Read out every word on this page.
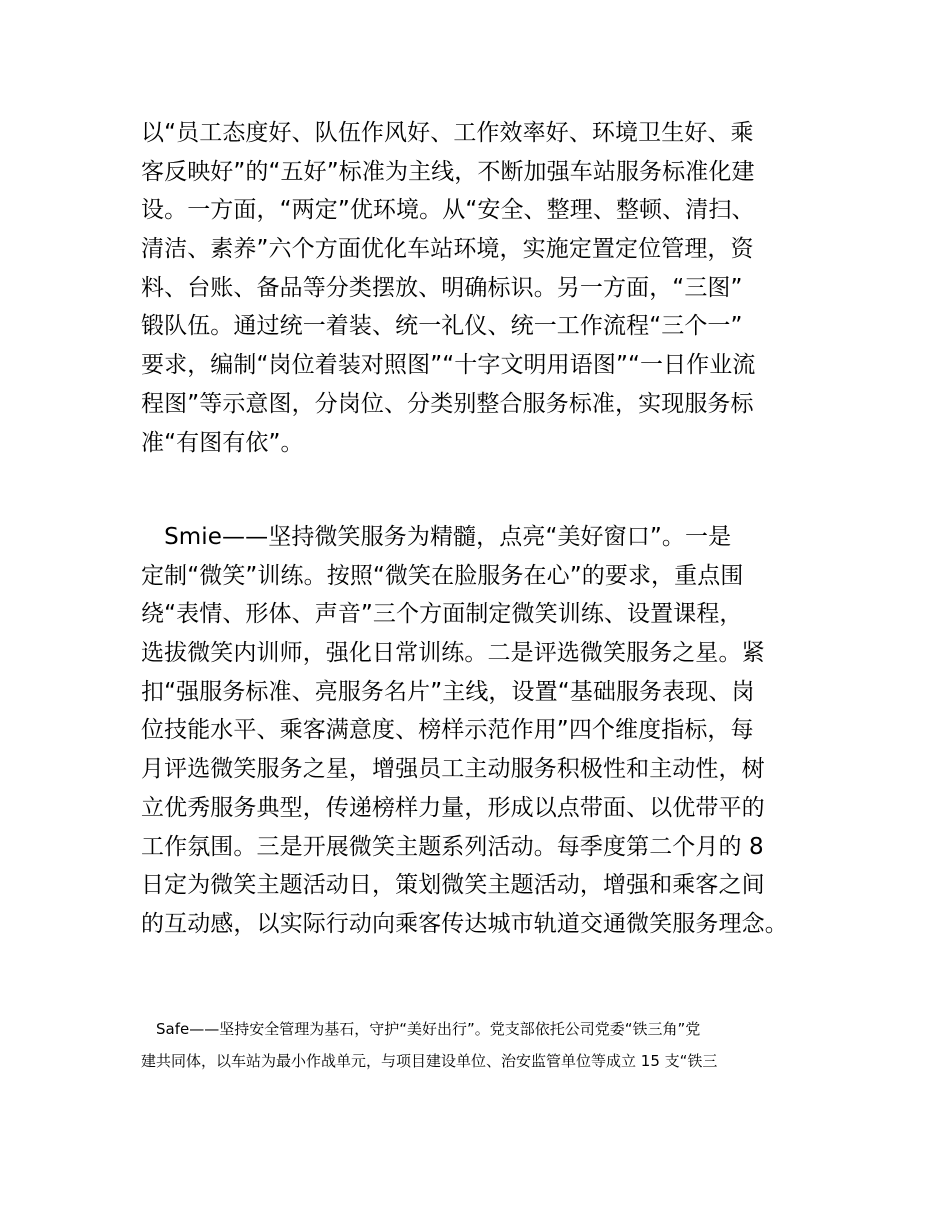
以“员工态度好、队伍作风好、工作效率好、环境卫生好、乘
客反映好”的“五好”标准为主线，不断加强车站服务标准化建
设。一方面，“两定”优环境。从“安全、整理、整顿、清扫、
清洁、素养”六个方面优化车站环境，实施定置定位管理，资
料、台账、备品等分类摆放、明确标识。另一方面，“三图”
锻队伍。通过统一着装、统一礼仪、统一工作流程“三个一”
要求，编制“岗位着装对照图”“十字文明用语图”“一日作业流
程图”等示意图，分岗位、分类别整合服务标准，实现服务标
准“有图有依”。
　Smie——坚持微笑服务为精髓，点亮“美好窗口”。一是
定制“微笑”训练。按照“微笑在脸服务在心”的要求，重点围
绕“表情、形体、声音”三个方面制定微笑训练、设置课程，
选拔微笑内训师，强化日常训练。二是评选微笑服务之星。紧
扣“强服务标准、亮服务名片”主线，设置“基础服务表现、岗
位技能水平、乘客满意度、榜样示范作用”四个维度指标，每
月评选微笑服务之星，增强员工主动服务积极性和主动性，树
立优秀服务典型，传递榜样力量，形成以点带面、以优带平的
工作氛围。三是开展微笑主题系列活动。每季度第二个月的 8
日定为微笑主题活动日，策划微笑主题活动，增强和乘客之间
的互动感，以实际行动向乘客传达城市轨道交通微笑服务理念。
　Safe——坚持安全管理为基石，守护“美好出行”。党支部依托公司党委“铁三角”党
建共同体，以车站为最小作战单元，与项目建设单位、治安监管单位等成立 15 支“铁三
